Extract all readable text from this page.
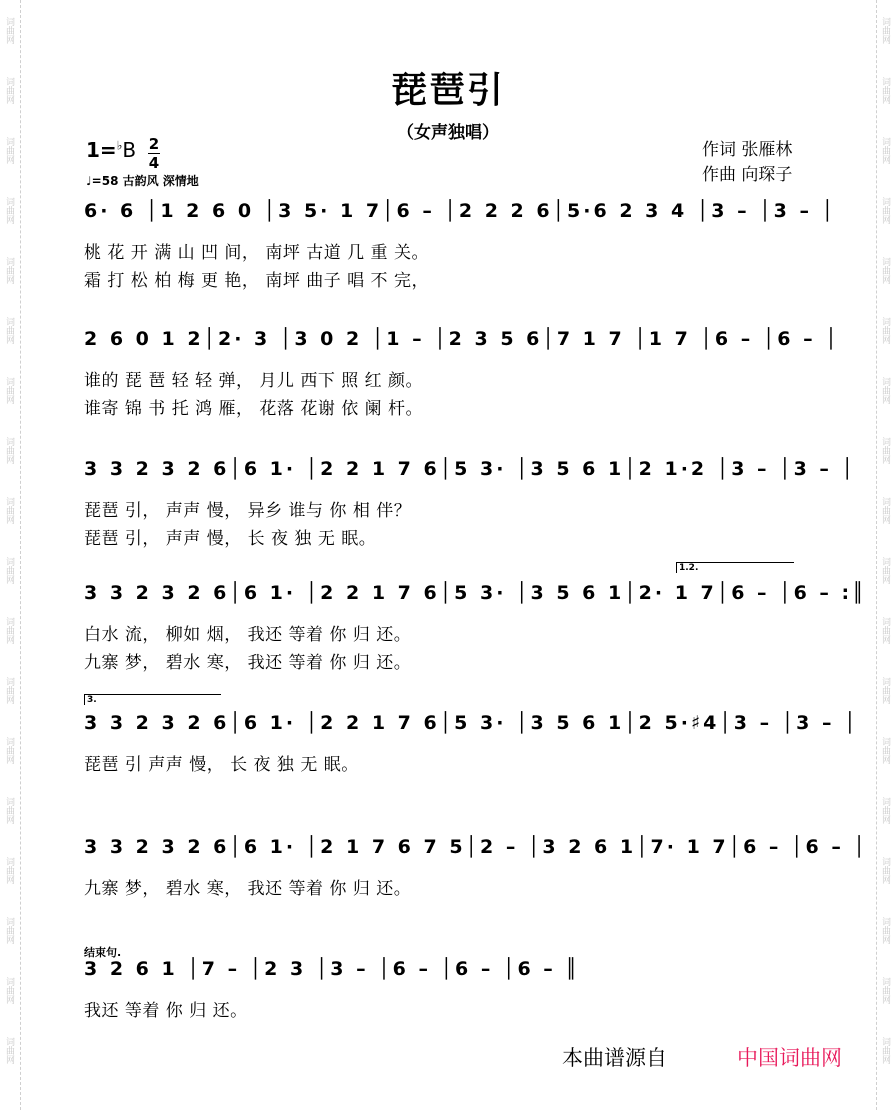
词曲网
词曲网
词曲网
词曲网
词曲网
词曲网
词曲网
词曲网
词曲网
词曲网
词曲网
词曲网
词曲网
词曲网
词曲网
词曲网
词曲网
词曲网
词曲网
词曲网
词曲网
词曲网
词曲网
词曲网
词曲网
词曲网
词曲网
词曲网
词曲网
词曲网
词曲网
词曲网
词曲网
词曲网
词曲网
词曲网
琵琶引
（女声独唱）
1=♭B 2
4
♩=58 古韵风 深情地
作词 张雁林
作曲 向琛子
6· 6 │1 2 6 0 │3 5· 1 7│6 – │2 2 2 6│5·6 2 3 4 │3 – │3 – │
桃 花 开 满 山 凹 间， 南坪 古道 几 重 关。
霜 打 松 柏 梅 更 艳， 南坪 曲子 唱 不 完，
2 6 0 1 2│2· 3 │3 0 2 │1 – │2 3 5 6│7 1 7 │1 7 │6 – │6 – │
谁的 琵 琶 轻 轻 弹， 月儿 西下 照 红 颜。
谁寄 锦 书 托 鸿 雁， 花落 花谢 依 阑 杆。
3 3 2 3 2 6│6 1· │2 2 1 7 6│5 3· │3 5 6 1│2 1·2 │3 – │3 – │
琵琶 引， 声声 慢， 异乡 谁与 你 相 伴？
琵琶 引， 声声 慢， 长 夜 独 无 眠。
3 3 2 3 2 6│6 1· │2 2 1 7 6│5 3· │3 5 6 1│2· 1 7│6 – │6 – :║
白水 流， 柳如 烟， 我还 等着 你 归 还。
九寨 梦， 碧水 寒， 我还 等着 你 归 还。
3 3 2 3 2 6│6 1· │2 2 1 7 6│5 3· │3 5 6 1│2 5·♯4│3 – │3 – │
琵琶 引 声声 慢， 长 夜 独 无 眠。
3 3 2 3 2 6│6 1· │2 1 7 6 7 5│2 – │3 2 6 1│7· 1 7│6 – │6 – │
九寨 梦， 碧水 寒， 我还 等着 你 归 还。
3 2 6 1 │7 – │2 3 │3 – │6 – │6 – │6 – ║
我还 等着 你 归 还。
1.2.
3.
结束句.
本曲谱源自	中国词曲网
